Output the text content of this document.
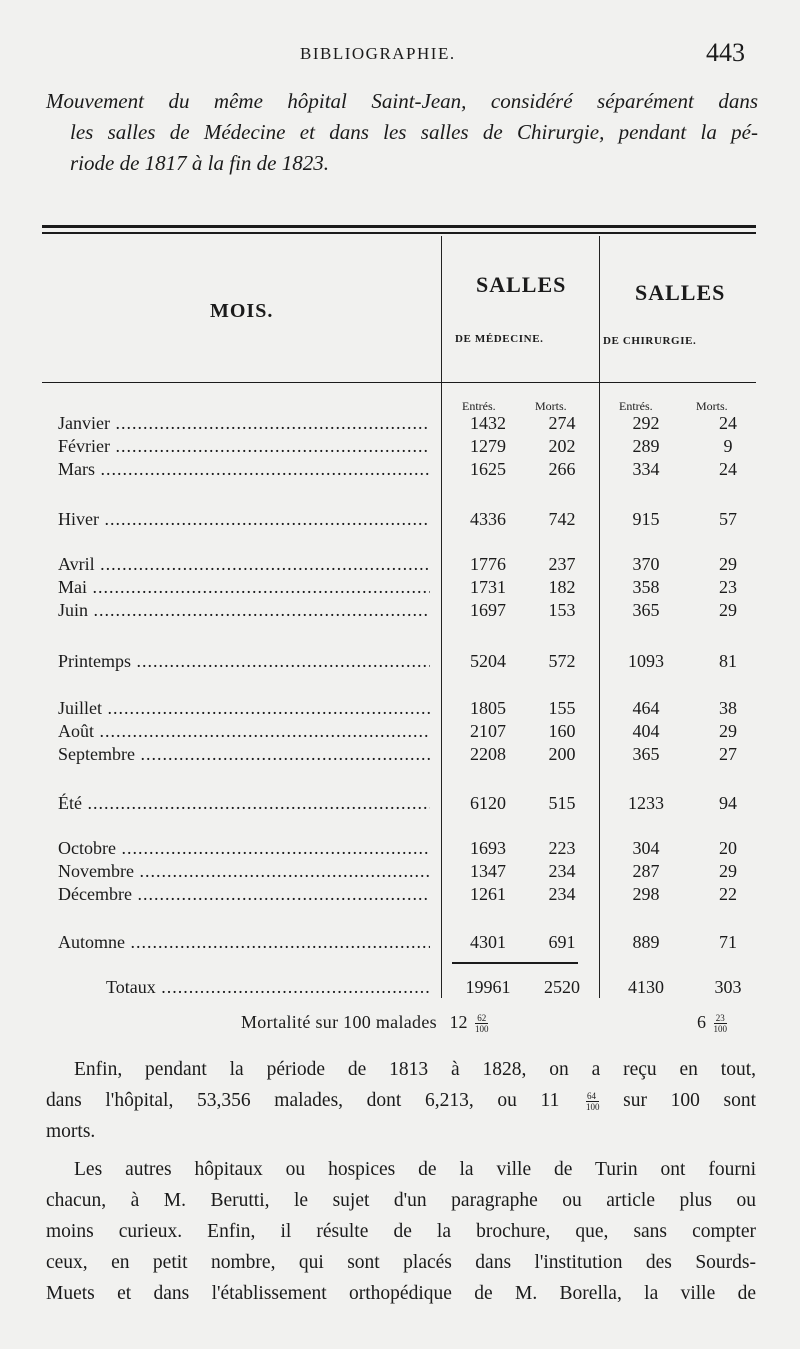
BIBLIOGRAPHIE.	443
Mouvement du même hôpital Saint-Jean, considéré séparément dans
les salles de Médecine et dans les salles de Chirurgie, pendant la pé-
riode de 1817 à la fin de 1823.
MOIS.
SALLES
DE MÉDECINE.
SALLES
DE CHIRURGIE.
Entrés.	Morts.	Entrés.	Morts.
Janvier .....	1432	274	292	24
Février .....	1279	202	289	9
Mars .....	1625	266	334	24
Hiver .....	4336	742	915	57
Avril .....	1776	237	370	29
Mai .....	1731	182	358	23
Juin .....	1697	153	365	29
Printemps .....	5204	572	1093	81
Juillet .....	1805	155	464	38
Août .....	2107	160	404	29
Septembre .....	2208	200	365	27
Été .....	6120	515	1233	94
Octobre .....	1693	223	304	20
Novembre .....	1347	234	287	29
Décembre .....	1261	234	298	22
Automne .....	4301	691	889	71
Totaux .....	19961	2520	4130	303
Mortalité sur 100 malades $12 \frac{62}{100}$	$6 \frac{23}{100}$
Enfin, pendant la période de 1813 à 1828, on a reçu en tout,
dans l'hôpital, 53,356 malades, dont 6,213, ou 11	$\frac{64}{100}$ sur 100 sont
morts.
Les autres hôpitaux ou hospices de la ville de Turin ont fourni
chacun, à M. Berutti, le sujet d'un paragraphe ou article plus ou
moins curieux. Enfin, il résulte de la brochure, que, sans compter
ceux, en petit nombre, qui sont placés dans l'institution des Sourds-
Muets et dans l'établissement orthopédique de M. Borella, la ville de
